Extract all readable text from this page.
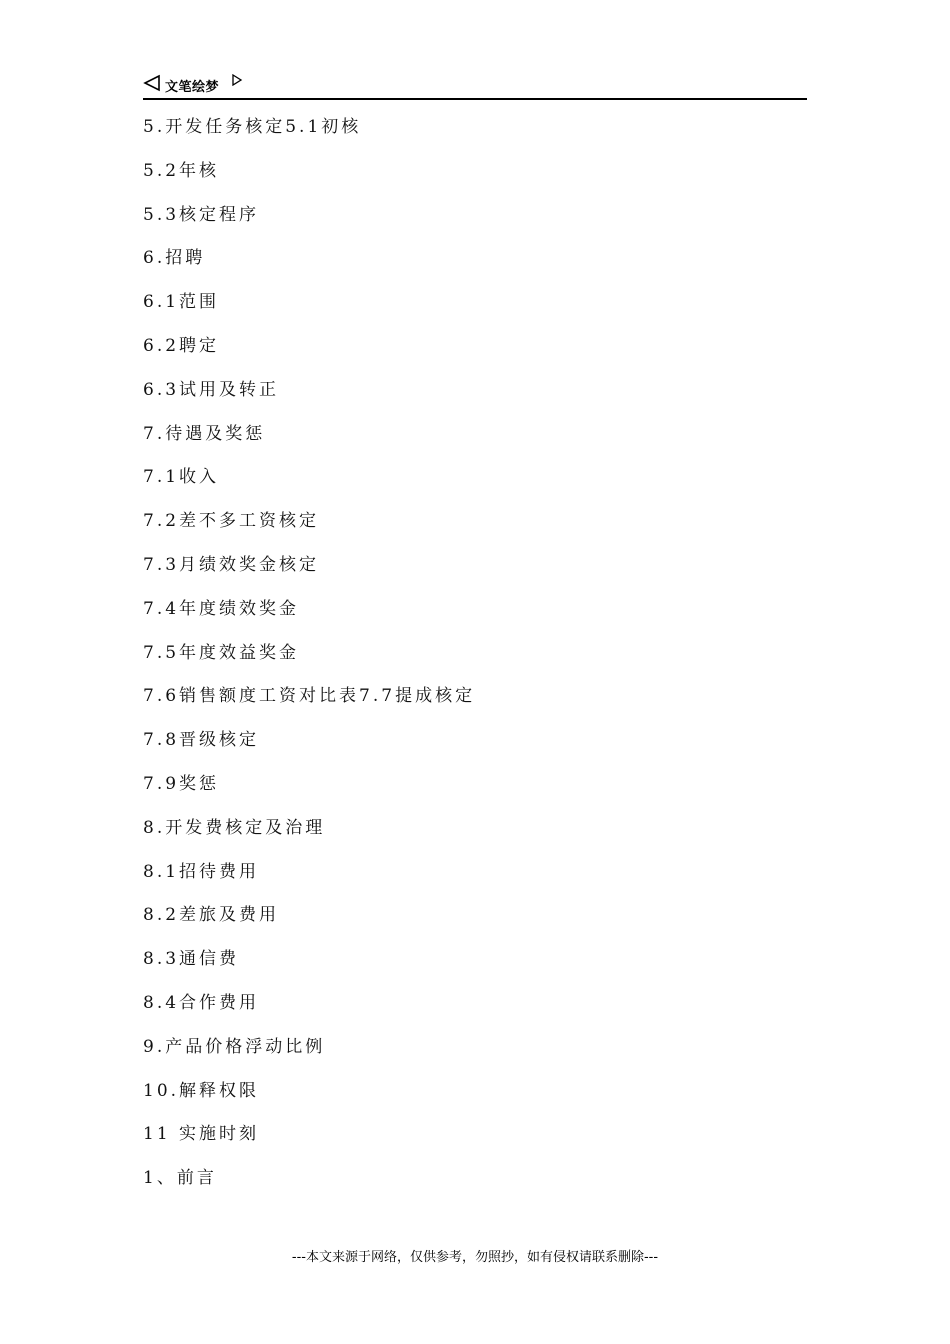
文笔绘梦
5.开发任务核定5.1初核
5.2年核
5.3核定程序
6.招聘
6.1范围
6.2聘定
6.3试用及转正
7.待遇及奖惩
7.1收入
7.2差不多工资核定
7.3月绩效奖金核定
7.4年度绩效奖金
7.5年度效益奖金
7.6销售额度工资对比表7.7提成核定
7.8晋级核定
7.9奖惩
8.开发费核定及治理
8.1招待费用
8.2差旅及费用
8.3通信费
8.4合作费用
9.产品价格浮动比例
10.解释权限
11 实施时刻
1、前言
---本文来源于网络，仅供参考，勿照抄，如有侵权请联系删除---
